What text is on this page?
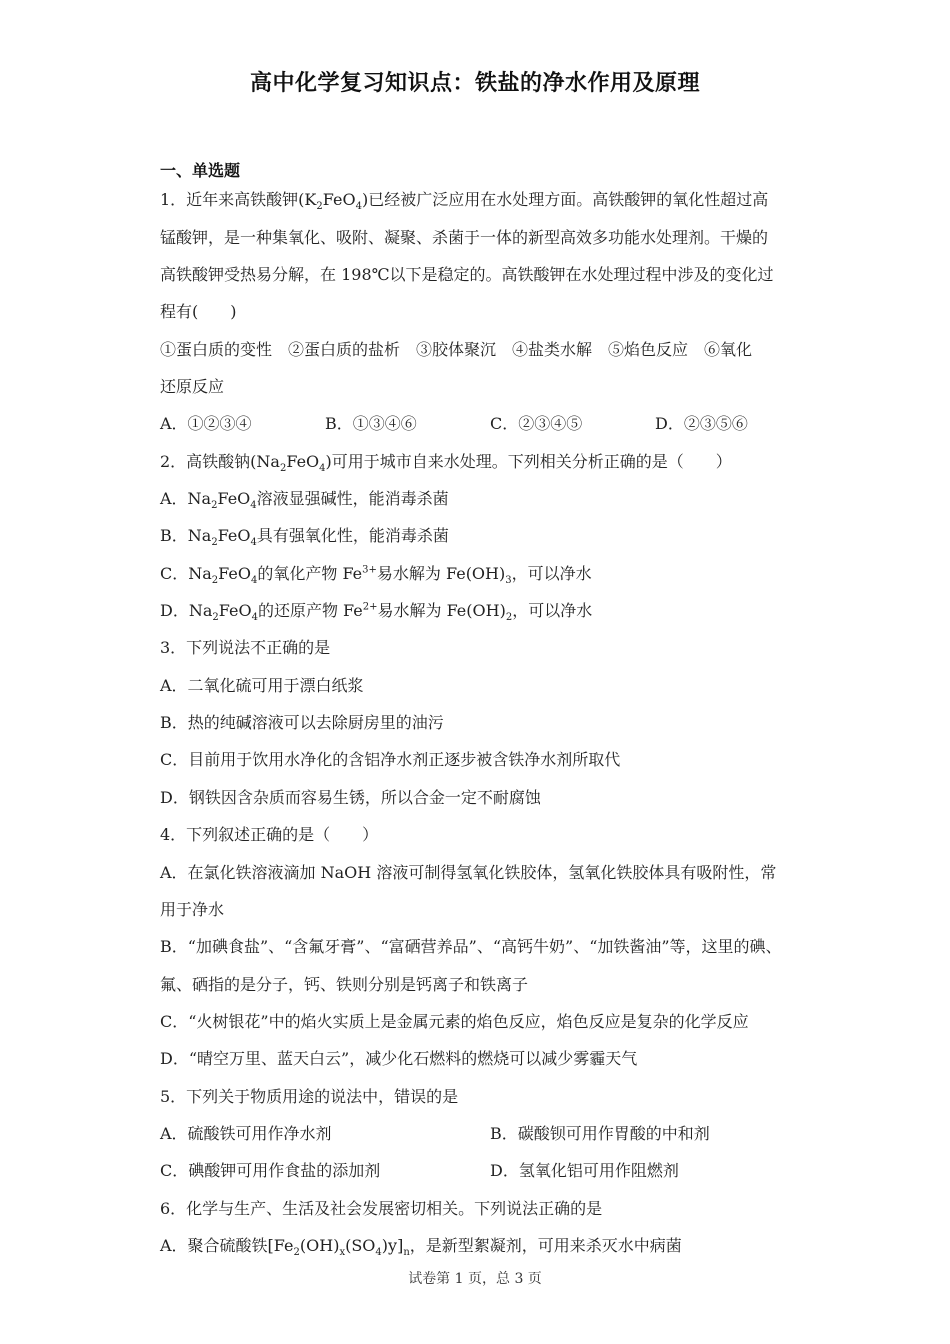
高中化学复习知识点：铁盐的净水作用及原理
一、单选题
1．近年来高铁酸钾$(K_2FeO_4)$已经被广泛应用在水处理方面。高铁酸钾的氧化性超过高
锰酸钾，是一种集氧化、吸附、凝聚、杀菌于一体的新型高效多功能水处理剂。干燥的
高铁酸钾受热易分解，在 198℃以下是稳定的。高铁酸钾在水处理过程中涉及的变化过
程有(　　)
①蛋白质的变性　②蛋白质的盐析　③胶体聚沉　④盐类水解　⑤焰色反应　⑥氧化
还原反应
A．①②③④	B．①③④⑥	C．②③④⑤	D．②③⑤⑥
2．高铁酸钠$(Na_2FeO_4)$可用于城市自来水处理。下列相关分析正确的是（　　）
A．$Na_2FeO_4$溶液显强碱性，能消毒杀菌
B．$Na_2FeO_4$具有强氧化性，能消毒杀菌
C．$Na_2FeO_4$的氧化产物 $Fe^{3+}$易水解为 $Fe(OH)_3$，可以净水
D．$Na_2FeO_4$的还原产物 $Fe^{2+}$易水解为 $Fe(OH)_2$，可以净水
3．下列说法不正确的是
A．二氧化硫可用于漂白纸浆
B．热的纯碱溶液可以去除厨房里的油污
C．目前用于饮用水净化的含铝净水剂正逐步被含铁净水剂所取代
D．钢铁因含杂质而容易生锈，所以合金一定不耐腐蚀
4．下列叙述正确的是（　　）
A．在氯化铁溶液滴加 NaOH 溶液可制得氢氧化铁胶体，氢氧化铁胶体具有吸附性，常
用于净水
B．“加碘食盐”、“含氟牙膏”、“富硒营养品”、“高钙牛奶”、“加铁酱油”等，这里的碘、
氟、硒指的是分子，钙、铁则分别是钙离子和铁离子
C．“火树银花”中的焰火实质上是金属元素的焰色反应，焰色反应是复杂的化学反应
D．“晴空万里、蓝天白云”，减少化石燃料的燃烧可以减少雾霾天气
5．下列关于物质用途的说法中，错误的是
A．硫酸铁可用作净水剂	B．碳酸钡可用作胃酸的中和剂
C．碘酸钾可用作食盐的添加剂	D．氢氧化铝可用作阻燃剂
6．化学与生产、生活及社会发展密切相关。下列说法正确的是
A．聚合硫酸铁$[Fe_2(OH)_x(SO_4)y]_n$，是新型絮凝剂，可用来杀灭水中病菌
试卷第 1 页，总 3 页
